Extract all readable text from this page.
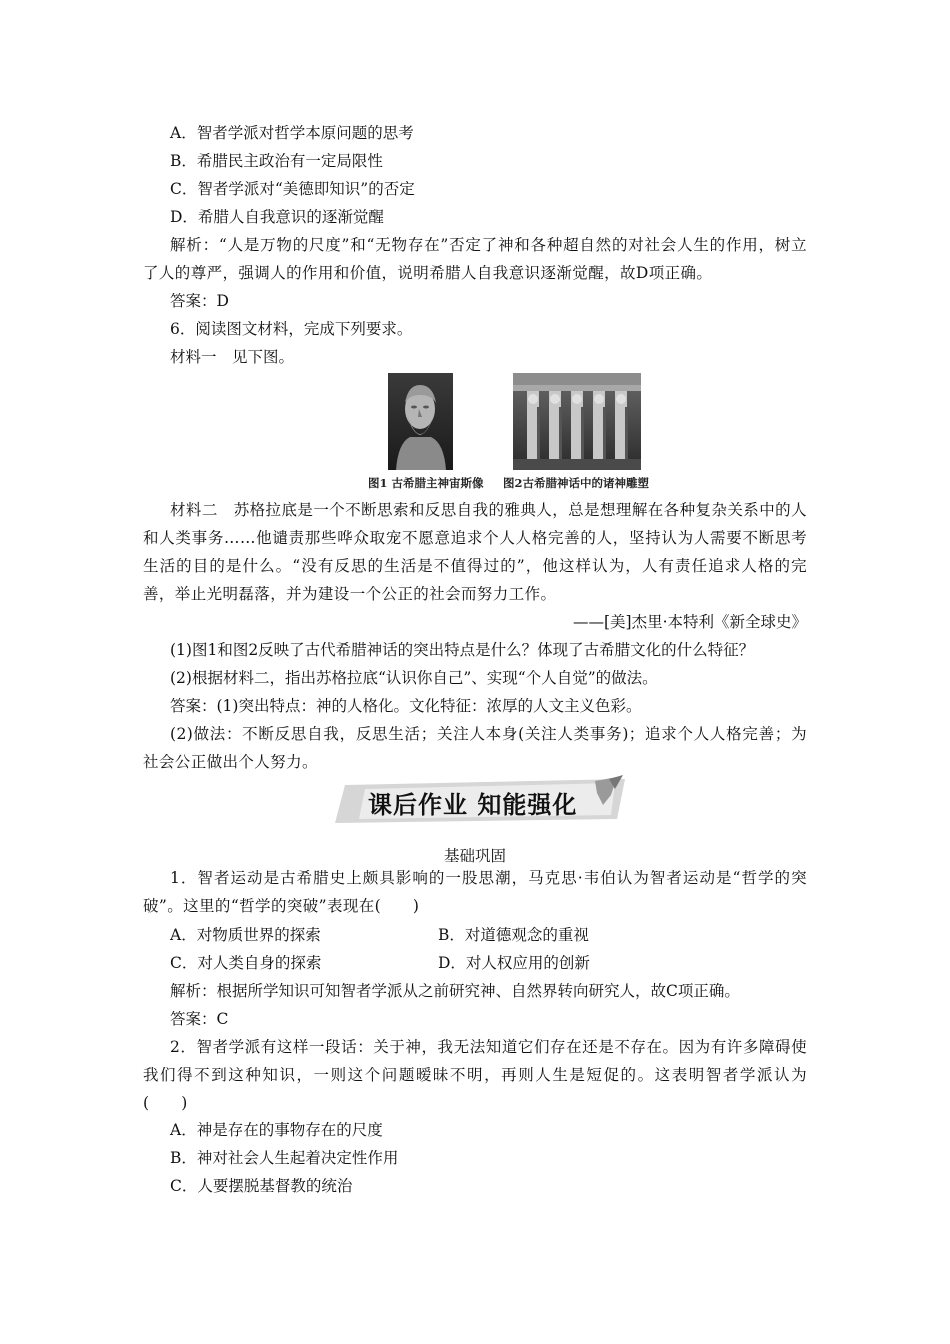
A．智者学派对哲学本原问题的思考
B．希腊民主政治有一定局限性
C．智者学派对“美德即知识”的否定
D．希腊人自我意识的逐渐觉醒
解析：“人是万物的尺度”和“无物存在”否定了神和各种超自然的对社会人生的作用，树立了人的尊严，强调人的作用和价值，说明希腊人自我意识逐渐觉醒，故D项正确。
答案：D
6．阅读图文材料，完成下列要求。
材料一　见下图。
图1 古希腊主神宙斯像 图2古希腊神话中的诸神雕塑
材料二　苏格拉底是一个不断思索和反思自我的雅典人，总是想理解在各种复杂关系中的人和人类事务……他谴责那些哗众取宠不愿意追求个人人格完善的人，坚持认为人需要不断思考生活的目的是什么。“没有反思的生活是不值得过的”，他这样认为，人有责任追求人格的完善，举止光明磊落，并为建设一个公正的社会而努力工作。
——[美]杰里·本特利《新全球史》
(1)图1和图2反映了古代希腊神话的突出特点是什么？体现了古希腊文化的什么特征？
(2)根据材料二，指出苏格拉底“认识你自己”、实现“个人自觉”的做法。
答案：(1)突出特点：神的人格化。文化特征：浓厚的人文主义色彩。
(2)做法：不断反思自我，反思生活；关注人本身(关注人类事务)；追求个人人格完善；为社会公正做出个人努力。
课后作业 知能强化
基础巩固
1．智者运动是古希腊史上颇具影响的一股思潮，马克思·韦伯认为智者运动是“哲学的突破”。这里的“哲学的突破”表现在(　　)
A．对物质世界的探索	B．对道德观念的重视
C．对人类自身的探索	D．对人权应用的创新
解析：根据所学知识可知智者学派从之前研究神、自然界转向研究人，故C项正确。
答案：C
2．智者学派有这样一段话：关于神，我无法知道它们存在还是不存在。因为有许多障碍使我们得不到这种知识，一则这个问题暧昧不明，再则人生是短促的。这表明智者学派认为(　　)
A．神是存在的事物存在的尺度
B．神对社会人生起着决定性作用
C．人要摆脱基督教的统治
